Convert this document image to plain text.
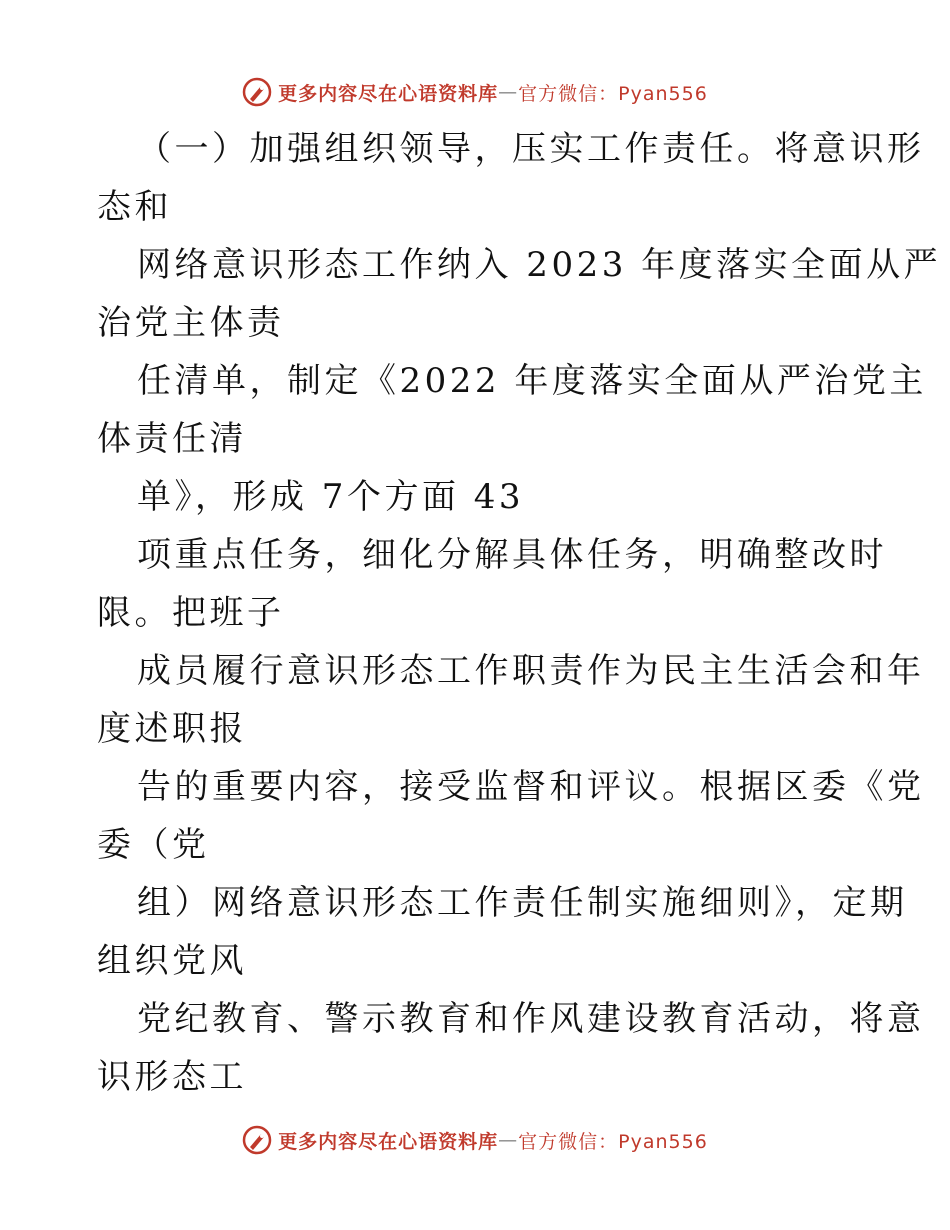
更多内容尽在心语资料库 — 官方微信：Pyan556
（一）加强组织领导，压实工作责任。将意识形
态和
网络意识形态工作纳入 2023 年度落实全面从严
治党主体责
任清单，制定《2022 年度落实全面从严治党主
体责任清
单》，形成 7个方面 43
项重点任务，细化分解具体任务，明确整改时
限。把班子
成员履行意识形态工作职责作为民主生活会和年
度述职报
告的重要内容，接受监督和评议。根据区委《党
委（党
组）网络意识形态工作责任制实施细则》，定期
组织党风
党纪教育、警示教育和作风建设教育活动，将意
识形态工
更多内容尽在心语资料库 — 官方微信：Pyan556
